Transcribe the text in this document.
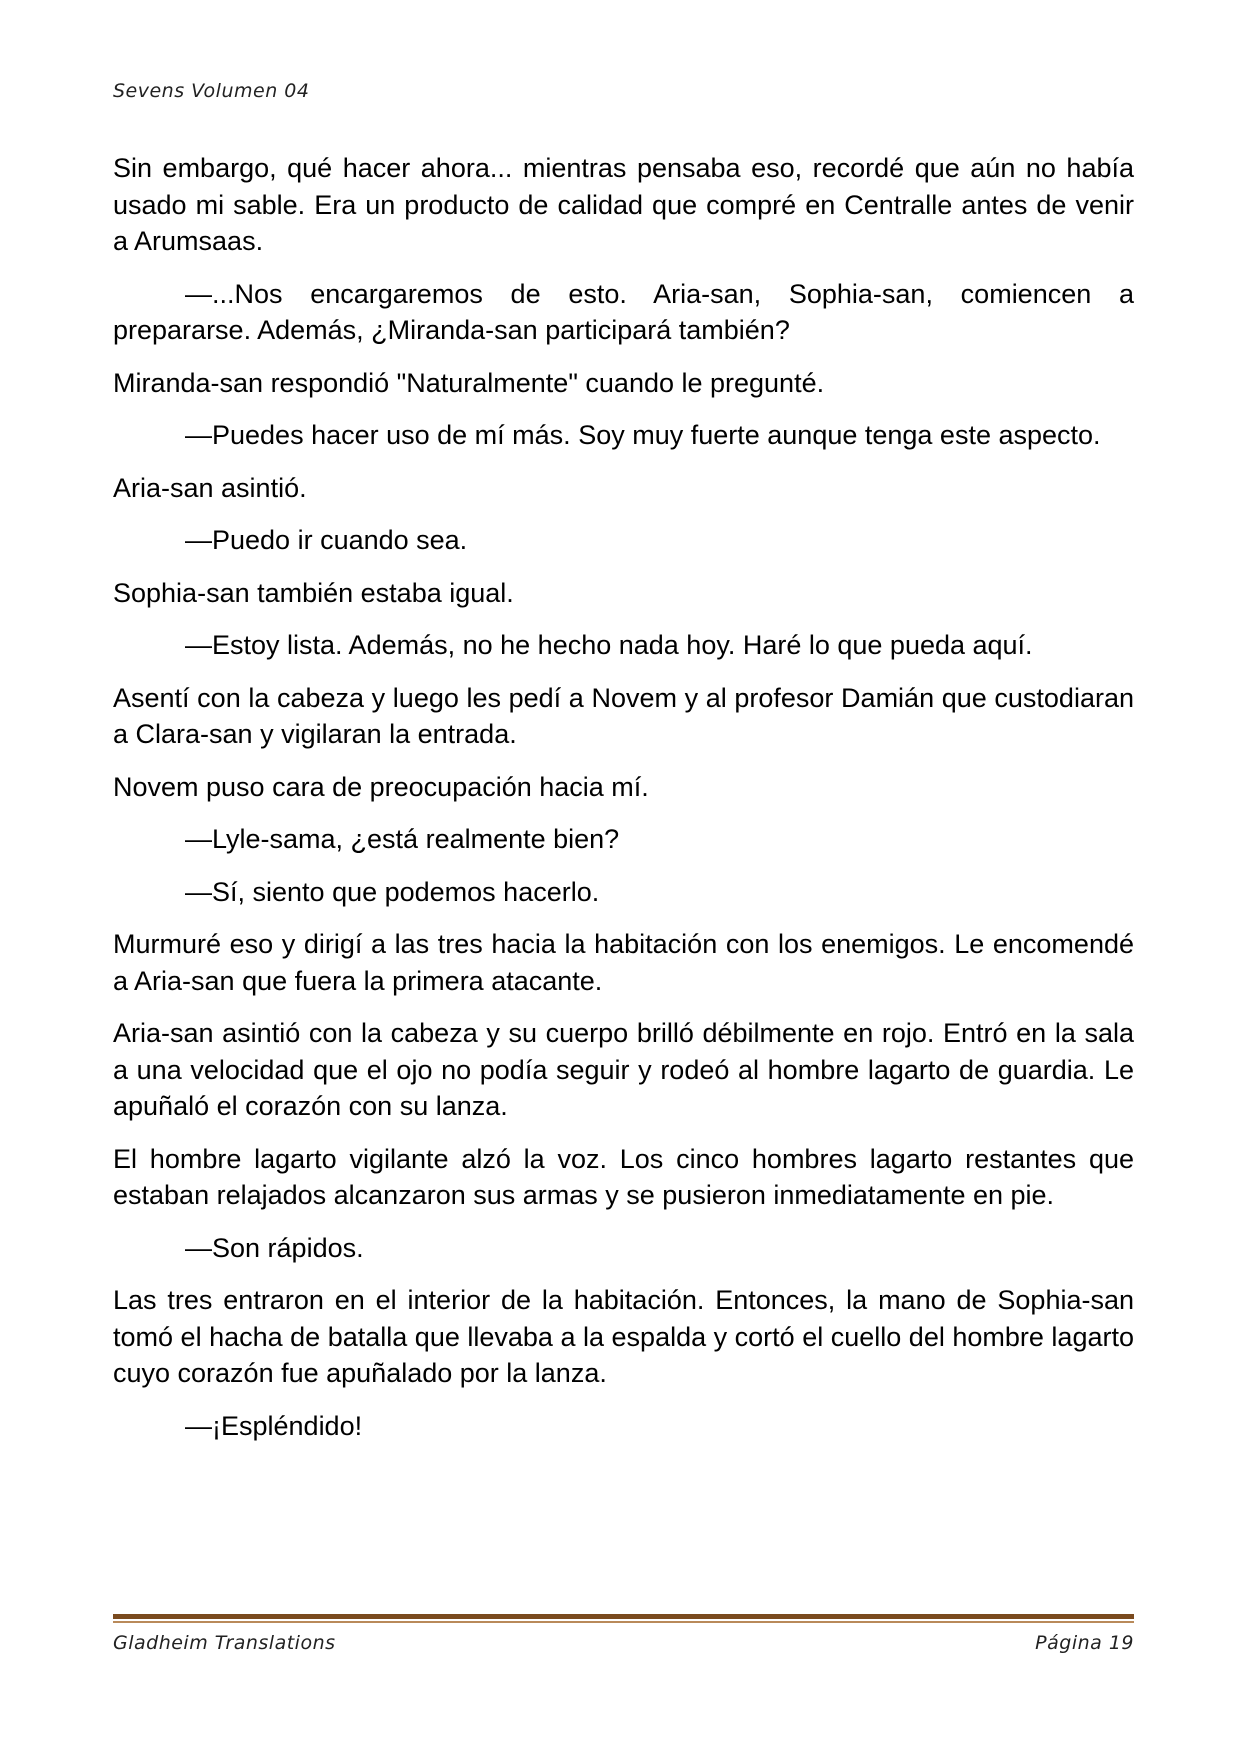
Sevens Volumen 04

Sin embargo, qué hacer ahora... mientras pensaba eso, recordé que aún no había usado mi sable. Era un producto de calidad que compré en Centralle antes de venir a Arumsaas.

—...Nos encargaremos de esto. Aria-san, Sophia-san, comiencen a prepararse. Además, ¿Miranda-san participará también?

Miranda-san respondió "Naturalmente" cuando le pregunté.

—Puedes hacer uso de mí más. Soy muy fuerte aunque tenga este aspecto.

Aria-san asintió.

—Puedo ir cuando sea.

Sophia-san también estaba igual.

—Estoy lista. Además, no he hecho nada hoy. Haré lo que pueda aquí.

Asentí con la cabeza y luego les pedí a Novem y al profesor Damián que custodiaran a Clara-san y vigilaran la entrada.

Novem puso cara de preocupación hacia mí.

—Lyle-sama, ¿está realmente bien?

—Sí, siento que podemos hacerlo.

Murmuré eso y dirigí a las tres hacia la habitación con los enemigos. Le encomendé a Aria-san que fuera la primera atacante.

Aria-san asintió con la cabeza y su cuerpo brilló débilmente en rojo. Entró en la sala a una velocidad que el ojo no podía seguir y rodeó al hombre lagarto de guardia. Le apuñaló el corazón con su lanza.

El hombre lagarto vigilante alzó la voz. Los cinco hombres lagarto restantes que estaban relajados alcanzaron sus armas y se pusieron inmediatamente en pie.

—Son rápidos.

Las tres entraron en el interior de la habitación. Entonces, la mano de Sophia-san tomó el hacha de batalla que llevaba a la espalda y cortó el cuello del hombre lagarto cuyo corazón fue apuñalado por la lanza.

—¡Espléndido!

Gladheim Translations	Página 19
